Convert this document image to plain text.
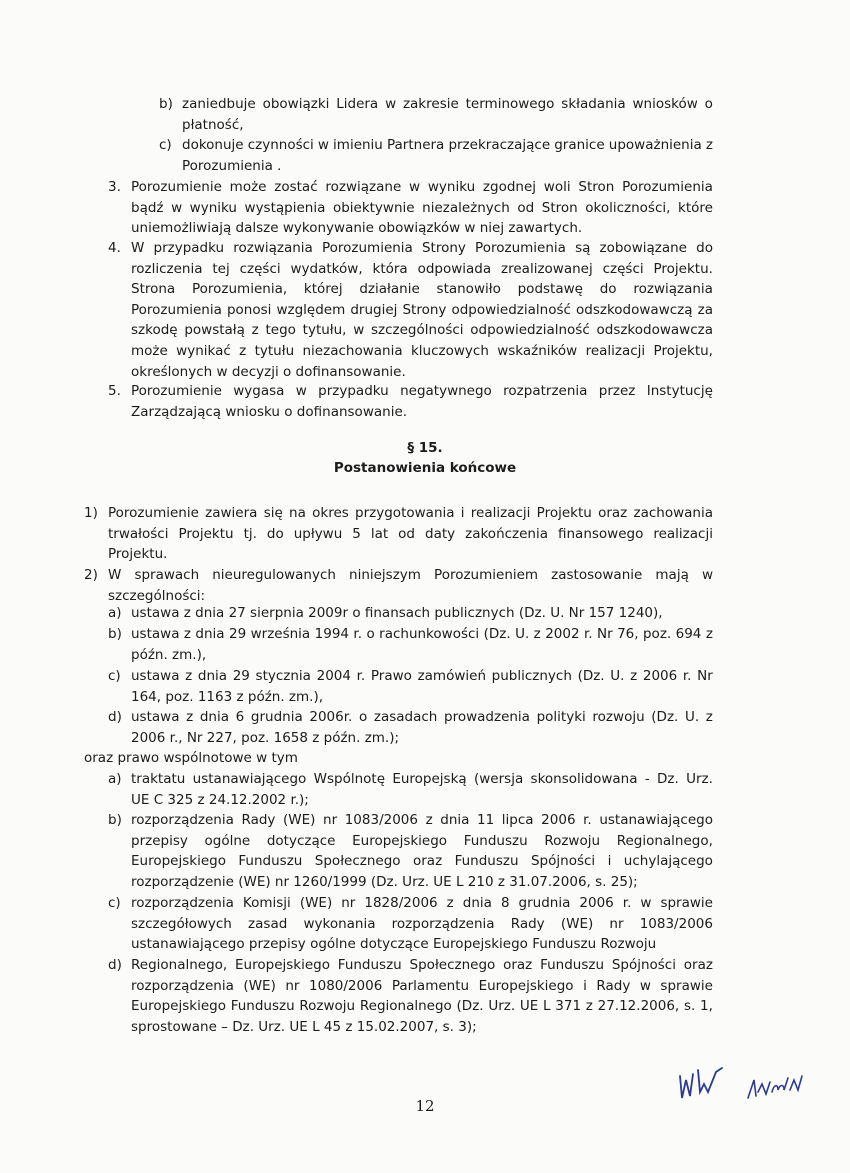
b) zaniedbuje obowiązki Lidera w zakresie terminowego składania wniosków o
płatność,
c) dokonuje czynności w imieniu Partnera przekraczające granice upoważnienia z
Porozumienia .
3. Porozumienie może zostać rozwiązane w wyniku zgodnej woli Stron Porozumienia
bądź w wyniku wystąpienia obiektywnie niezależnych od Stron okoliczności, które
uniemożliwiają dalsze wykonywanie obowiązków w niej zawartych.
4. W przypadku rozwiązania Porozumienia Strony Porozumienia są zobowiązane do
rozliczenia tej części wydatków, która odpowiada zrealizowanej części Projektu.
Strona Porozumienia, której działanie stanowiło podstawę do rozwiązania
Porozumienia ponosi względem drugiej Strony odpowiedzialność odszkodowawczą za
szkodę powstałą z tego tytułu, w szczególności odpowiedzialność odszkodowawcza
może wynikać z tytułu niezachowania kluczowych wskaźników realizacji Projektu,
określonych w decyzji o dofinansowanie.
5. Porozumienie wygasa w przypadku negatywnego rozpatrzenia przez Instytucję
Zarządzającą wniosku o dofinansowanie.
1) Porozumienie zawiera się na okres przygotowania i realizacji Projektu oraz zachowania
trwałości Projektu tj. do upływu 5 lat od daty zakończenia finansowego realizacji
Projektu.
2) W sprawach nieuregulowanych niniejszym Porozumieniem zastosowanie mają w
szczególności:
a) ustawa z dnia 27 sierpnia 2009r o finansach publicznych (Dz. U. Nr 157 1240),
b) ustawa z dnia 29 września 1994 r. o rachunkowości (Dz. U. z 2002 r. Nr 76, poz. 694 z
późn. zm.),
c) ustawa z dnia 29 stycznia 2004 r. Prawo zamówień publicznych (Dz. U. z 2006 r. Nr
164, poz. 1163 z późn. zm.),
d) ustawa z dnia 6 grudnia 2006r. o zasadach prowadzenia polityki rozwoju (Dz. U. z
2006 r., Nr 227, poz. 1658 z późn. zm.);
oraz prawo wspólnotowe w tym
a) traktatu ustanawiającego Wspólnotę Europejską (wersja skonsolidowana - Dz. Urz.
UE C 325 z 24.12.2002 r.);
b) rozporządzenia Rady (WE) nr 1083/2006 z dnia 11 lipca 2006 r. ustanawiającego
przepisy ogólne dotyczące Europejskiego Funduszu Rozwoju Regionalnego,
Europejskiego Funduszu Społecznego oraz Funduszu Spójności i uchylającego
rozporządzenie (WE) nr 1260/1999 (Dz. Urz. UE L 210 z 31.07.2006, s. 25);
c) rozporządzenia Komisji (WE) nr 1828/2006 z dnia 8 grudnia 2006 r. w sprawie
szczegółowych zasad wykonania rozporządzenia Rady (WE) nr 1083/2006
ustanawiającego przepisy ogólne dotyczące Europejskiego Funduszu Rozwoju
d) Regionalnego, Europejskiego Funduszu Społecznego oraz Funduszu Spójności oraz
rozporządzenia (WE) nr 1080/2006 Parlamentu Europejskiego i Rady w sprawie
Europejskiego Funduszu Rozwoju Regionalnego (Dz. Urz. UE L 371 z 27.12.2006, s. 1,
sprostowane – Dz. Urz. UE L 45 z 15.02.2007, s. 3);
§ 15.
Postanowienia końcowe
12
